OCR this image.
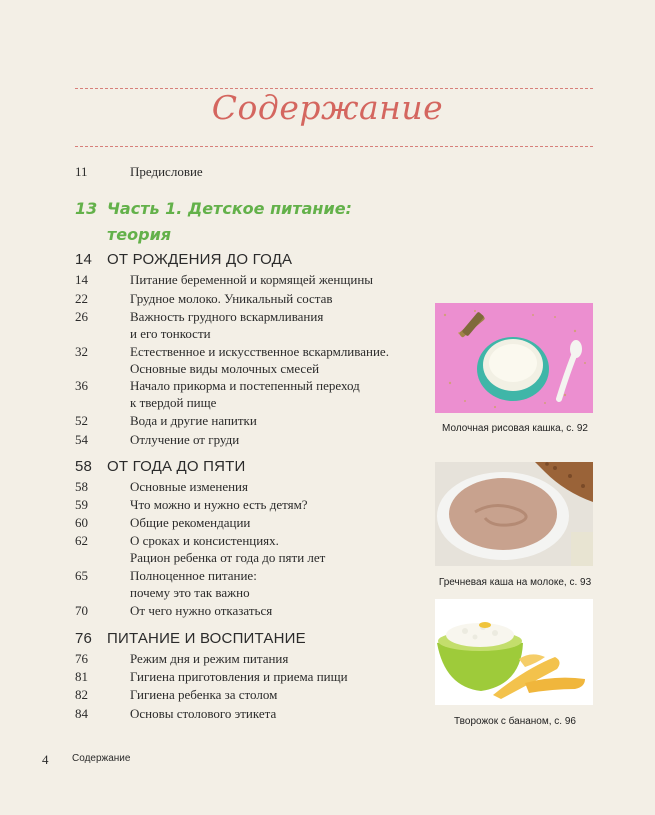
Содержание
11	Предисловие
13 Часть 1. Детское питание:
теория
14 ОТ РОЖДЕНИЯ ДО ГОДА
14	Питание беременной и кормящей женщины
22	Грудное молоко. Уникальный состав
26	Важность грудного вскармливания
и его тонкости
32	Естественное и искусственное вскармливание.
Основные виды молочных смесей
36	Начало прикорма и постепенный переход
к твердой пище
52	Вода и другие напитки
54	Отлучение от груди
58 ОТ ГОДА ДО ПЯТИ
58	Основные изменения
59	Что можно и нужно есть детям?
60	Общие рекомендации
62	О сроках и консистенциях.
Рацион ребенка от года до пяти лет
65	Полноценное питание:
почему это так важно
70	От чего нужно отказаться
76 ПИТАНИЕ И ВОСПИТАНИЕ
76	Режим дня и режим питания
81	Гигиена приготовления и приема пищи
82	Гигиена ребенка за столом
84	Основы столового этикета
Молочная рисовая кашка, с. 92
Гречневая каша на молоке, с. 93
Творожок с бананом, с. 96
4 Содержание
